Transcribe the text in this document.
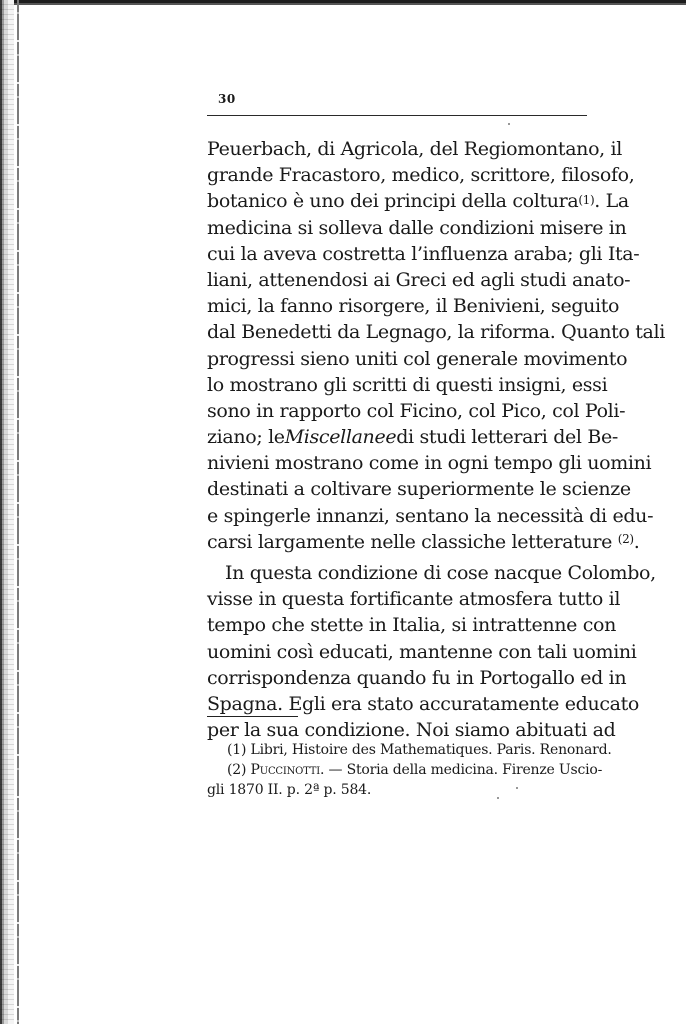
30
Peuerbach, di Agricola, del Regiomontano, il
grande Fracastoro, medico, scrittore, filosofo,
botanico è uno dei principi della coltura (1). La
medicina si solleva dalle condizioni misere in
cui la aveva costretta l’influenza araba; gli Ita-
liani, attenendosi ai Greci ed agli studi anato-
mici, la fanno risorgere, il Benivieni, seguito
dal Benedetti da Legnago, la riforma. Quanto tali
progressi sieno uniti col generale movimento
lo mostrano gli scritti di questi insigni, essi
sono in rapporto col Ficino, col Pico, col Poli-
ziano; le Miscellanee di studi letterari del Be-
nivieni mostrano come in ogni tempo gli uomini
destinati a coltivare superiormente le scienze
e spingerle innanzi, sentano la necessità di edu-
carsi largamente nelle classiche letterature
(2) .
In questa condizione di cose nacque Colombo,
visse in questa fortificante atmosfera tutto il
tempo che stette in Italia, si intrattenne con
uomini così educati, mantenne con tali uomini
corrispondenza quando fu in Portogallo ed in
Spagna. Egli era stato accuratamente educato
per la sua condizione. Noi siamo abituati ad
(1) Libri, Histoire des Mathematiques. Paris. Renonard.
(2) Puccinotti. — Storia della medicina. Firenze Uscio-
gli 1870 II. p. 2ª p. 584.
